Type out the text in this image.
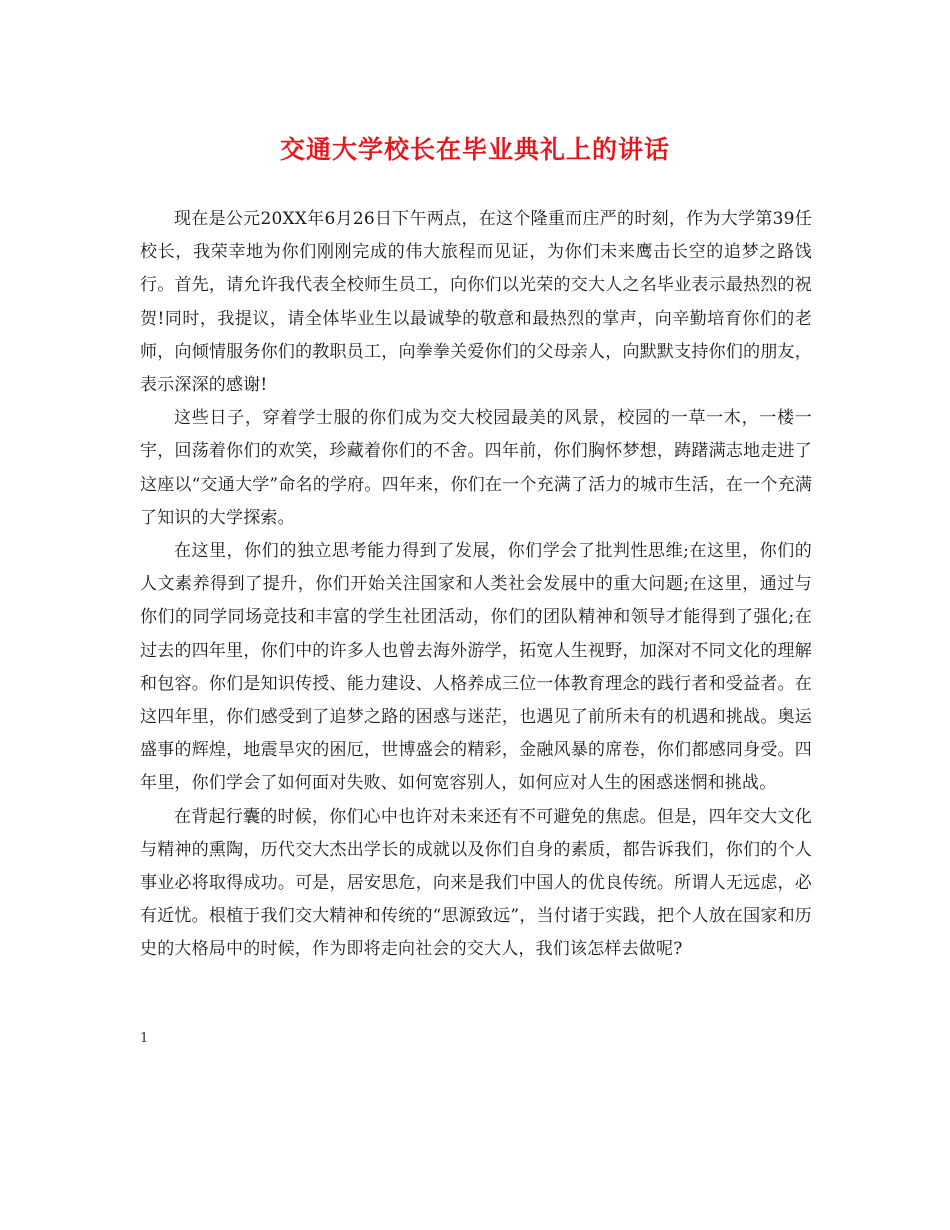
交通大学校长在毕业典礼上的讲话

现在是公元20XX年6月26日下午两点，在这个隆重而庄严的时刻，作为大学第39任校长，我荣幸地为你们刚刚完成的伟大旅程而见证，为你们未来鹰击长空的追梦之路饯行。首先，请允许我代表全校师生员工，向你们以光荣的交大人之名毕业表示最热烈的祝贺!同时，我提议，请全体毕业生以最诚挚的敬意和最热烈的掌声，向辛勤培育你们的老师，向倾情服务你们的教职员工，向拳拳关爱你们的父母亲人，向默默支持你们的朋友，表示深深的感谢!

这些日子，穿着学士服的你们成为交大校园最美的风景，校园的一草一木，一楼一宇，回荡着你们的欢笑，珍藏着你们的不舍。四年前，你们胸怀梦想，踌躇满志地走进了这座以“交通大学”命名的学府。四年来，你们在一个充满了活力的城市生活，在一个充满了知识的大学探索。

在这里，你们的独立思考能力得到了发展，你们学会了批判性思维;在这里，你们的人文素养得到了提升，你们开始关注国家和人类社会发展中的重大问题;在这里，通过与你们的同学同场竞技和丰富的学生社团活动，你们的团队精神和领导才能得到了强化;在过去的四年里，你们中的许多人也曾去海外游学，拓宽人生视野，加深对不同文化的理解和包容。你们是知识传授、能力建设、人格养成三位一体教育理念的践行者和受益者。在这四年里，你们感受到了追梦之路的困惑与迷茫，也遇见了前所未有的机遇和挑战。奥运盛事的辉煌，地震旱灾的困厄，世博盛会的精彩，金融风暴的席卷，你们都感同身受。四年里，你们学会了如何面对失败、如何宽容别人，如何应对人生的困惑迷惘和挑战。

在背起行囊的时候，你们心中也许对未来还有不可避免的焦虑。但是，四年交大文化与精神的熏陶，历代交大杰出学长的成就以及你们自身的素质，都告诉我们，你们的个人事业必将取得成功。可是，居安思危，向来是我们中国人的优良传统。所谓人无远虑，必有近忧。根植于我们交大精神和传统的“思源致远”，当付诸于实践，把个人放在国家和历史的大格局中的时候，作为即将走向社会的交大人，我们该怎样去做呢?

1
